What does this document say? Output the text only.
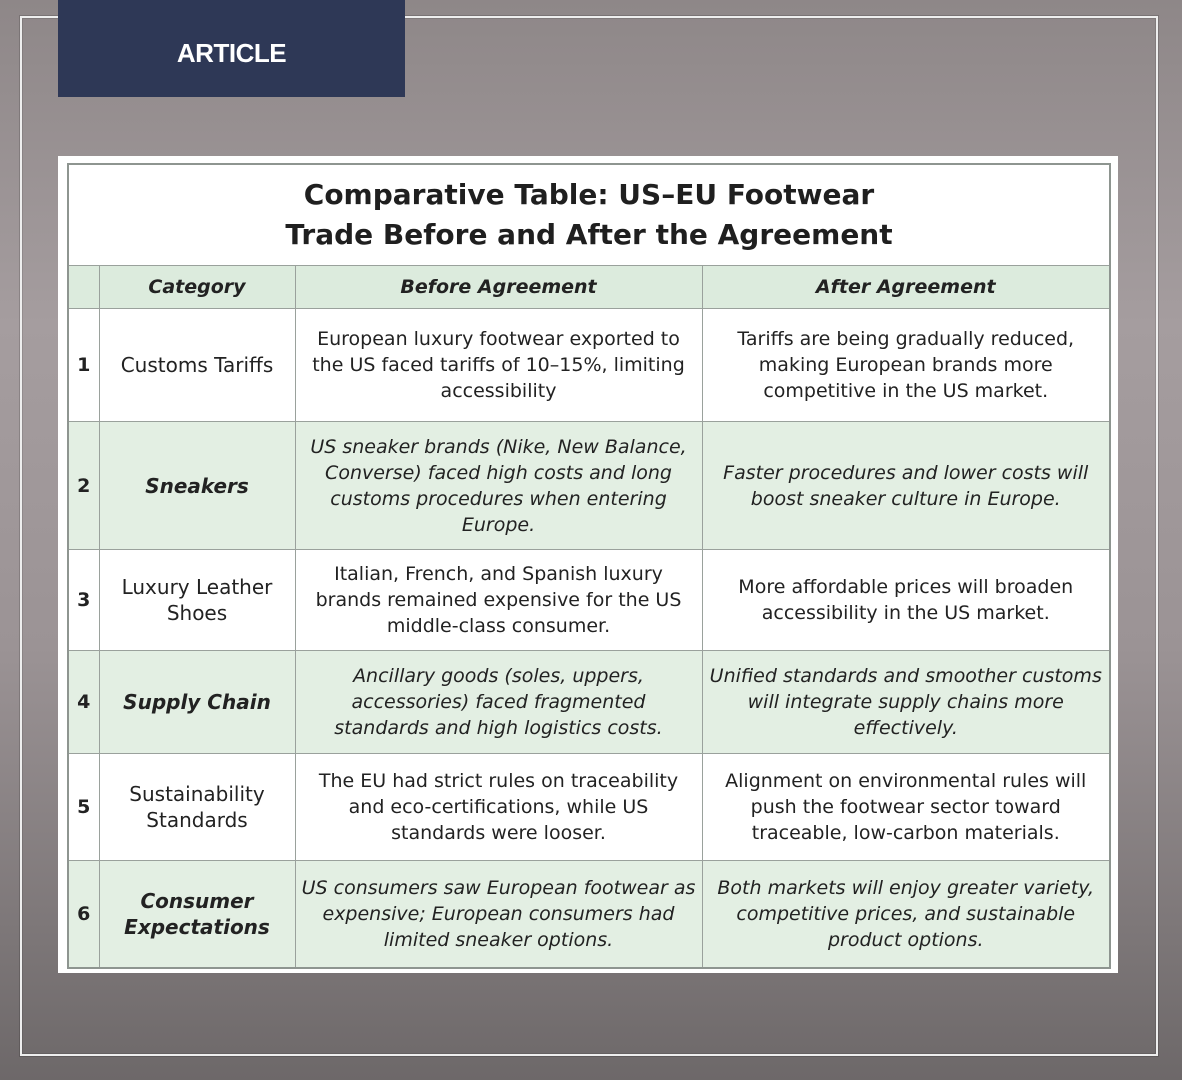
ARTICLE
Comparative Table: US–EU Footwear
Trade Before and After the Agreement			

	Category	Before Agreement	After Agreement
1	Customs Tariffs	European luxury footwear exported to the US faced tariffs of 10–15%, limiting accessibility	Tariffs are being gradually reduced, making European brands more competitive in the US market.
2	Sneakers	US sneaker brands (Nike, New Balance, Converse) faced high costs and long customs procedures when entering Europe.	Faster procedures and lower costs will boost sneaker culture in Europe.
3	Luxury Leather Shoes	Italian, French, and Spanish luxury brands remained expensive for the US middle-class consumer.	More affordable prices will broaden accessibility in the US market.
4	Supply Chain	Ancillary goods (soles, uppers, accessories) faced fragmented standards and high logistics costs.	Unified standards and smoother customs will integrate supply chains more effectively.
5	Sustainability Standards	The EU had strict rules on traceability and eco-certifications, while US standards were looser.	Alignment on environmental rules will push the footwear sector toward traceable, low-carbon materials.
6	Consumer Expectations	US consumers saw European footwear as expensive; European consumers had limited sneaker options.	Both markets will enjoy greater variety, competitive prices, and sustainable product options.
